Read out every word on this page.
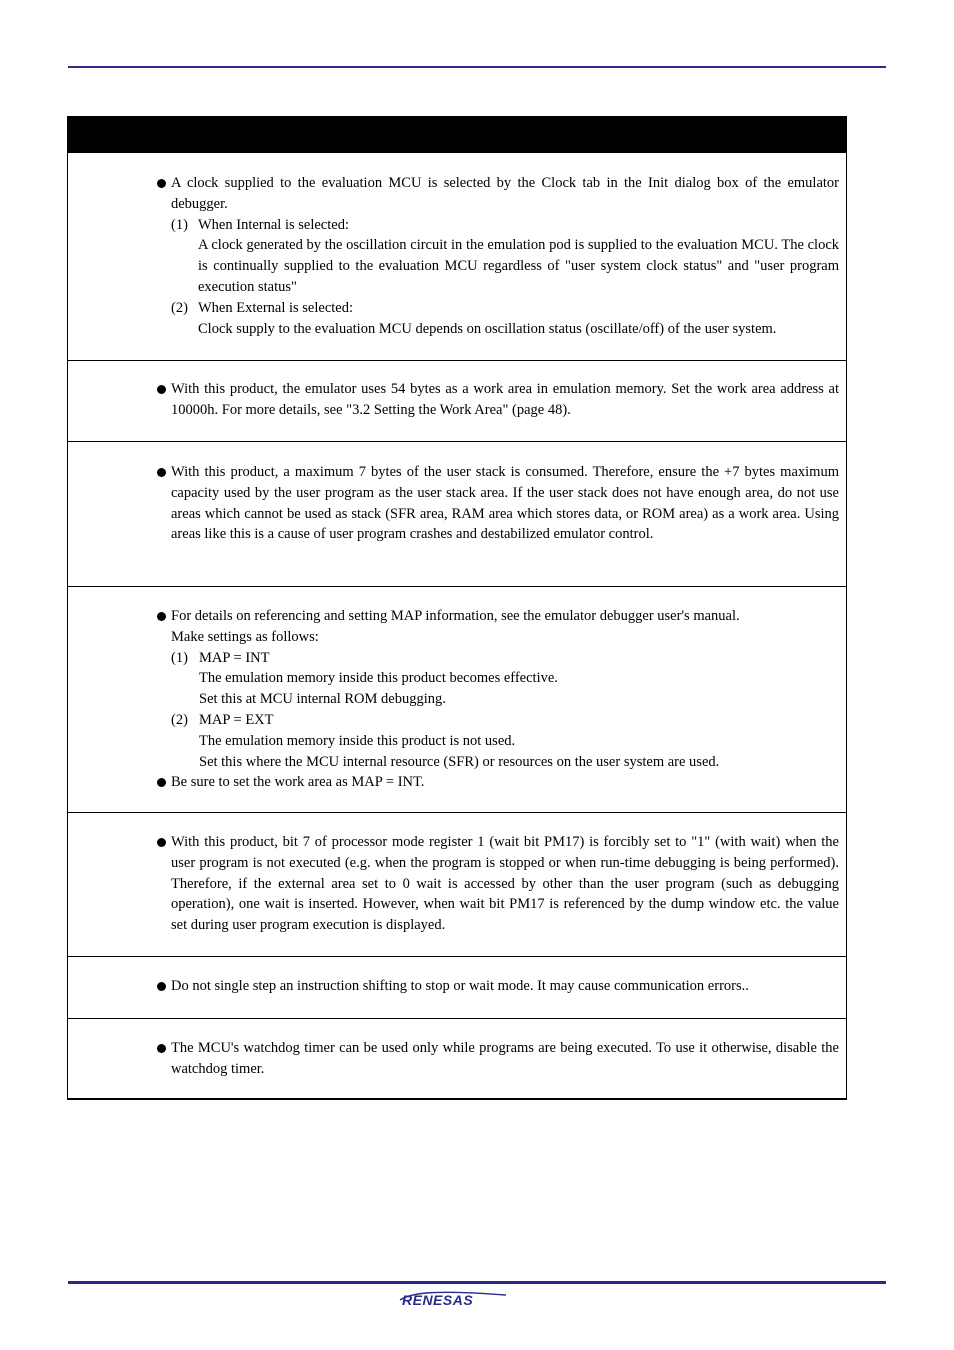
A clock supplied to the evaluation MCU is selected by the Clock tab in the Init dialog box of the emulator debugger.

(1) When Internal is selected:

A clock generated by the oscillation circuit in the emulation pod is supplied to the evaluation MCU. The clock is continually supplied to the evaluation MCU regardless of "user system clock status" and "user program execution status"

(2) When External is selected:

Clock supply to the evaluation MCU depends on oscillation status (oscillate/off) of the user system.

With this product, the emulator uses 54 bytes as a work area in emulation memory. Set the work area address at 10000h. For more details, see "3.2 Setting the Work Area" (page 48).

With this product, a maximum 7 bytes of the user stack is consumed. Therefore, ensure the +7 bytes maximum capacity used by the user program as the user stack area. If the user stack does not have enough area, do not use areas which cannot be used as stack (SFR area, RAM area which stores data, or ROM area) as a work area. Using areas like this is a cause of user program crashes and destabilized emulator control.

For details on referencing and setting MAP information, see the emulator debugger user's manual.

Make settings as follows:

(1) MAP = INT

The emulation memory inside this product becomes effective.

Set this at MCU internal ROM debugging.

(2) MAP = EXT

The emulation memory inside this product is not used.

Set this where the MCU internal resource (SFR) or resources on the user system are used.

Be sure to set the work area as MAP = INT.

With this product, bit 7 of processor mode register 1 (wait bit PM17) is forcibly set to "1" (with wait) when the user program is not executed (e.g. when the program is stopped or when run-time debugging is being performed). Therefore, if the external area set to 0 wait is accessed by other than the user program (such as debugging operation), one wait is inserted. However, when wait bit PM17 is referenced by the dump window etc. the value set during user program execution is displayed.

Do not single step an instruction shifting to stop or wait mode. It may cause communication errors..

The MCU's watchdog timer can be used only while programs are being executed. To use it otherwise, disable the watchdog timer.

RENESAS
